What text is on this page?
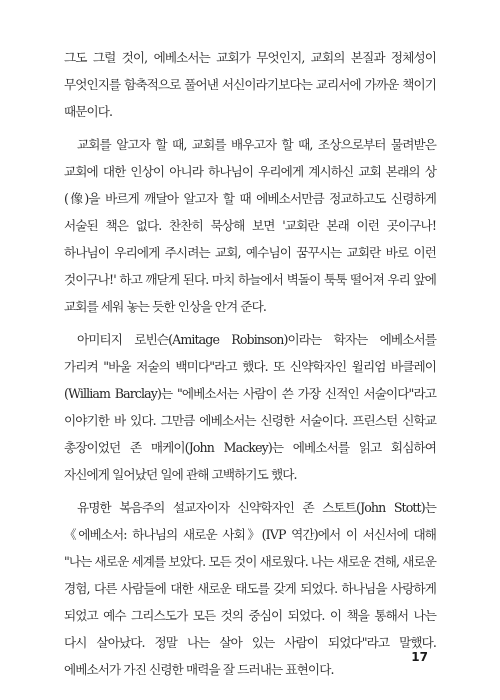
그도 그럴 것이, 에베소서는 교회가 무엇인지, 교회의 본질과 정체성이 무엇인지를 함축적으로 풀어낸 서신이라기보다는 교리서에 가까운 책이기 때문이다.

교회를 알고자 할 때, 교회를 배우고자 할 때, 조상으로부터 물려받은 교회에 대한 인상이 아니라 하나님이 우리에게 계시하신 교회 본래의 상(像)을 바르게 깨달아 알고자 할 때 에베소서만큼 정교하고도 신령하게 서술된 책은 없다. 찬찬히 묵상해 보면 '교회란 본래 이런 곳이구나! 하나님이 우리에게 주시려는 교회, 예수님이 꿈꾸시는 교회란 바로 이런 것이구나!' 하고 깨닫게 된다. 마치 하늘에서 벽돌이 툭툭 떨어져 우리 앞에 교회를 세워 놓는 듯한 인상을 안겨 준다.

아미티지 로빈슨(Amitage Robinson)이라는 학자는 에베소서를 가리켜 "바울 저술의 백미다"라고 했다. 또 신약학자인 윌리엄 바클레이(William Barclay)는 "에베소서는 사람이 쓴 가장 신적인 서술이다"라고 이야기한 바 있다. 그만큼 에베소서는 신령한 서술이다. 프린스턴 신학교 총장이었던 존 매케이(John Mackey)는 에베소서를 읽고 회심하여 자신에게 일어났던 일에 관해 고백하기도 했다.

유명한 복음주의 설교자이자 신약학자인 존 스토트(John Stott)는 《에베소서: 하나님의 새로운 사회》(IVP 역간)에서 이 서신서에 대해 "나는 새로운 세계를 보았다. 모든 것이 새로웠다. 나는 새로운 견해, 새로운 경험, 다른 사람들에 대한 새로운 태도를 갖게 되었다. 하나님을 사랑하게 되었고 예수 그리스도가 모든 것의 중심이 되었다. 이 책을 통해서 나는 다시 살아났다. 정말 나는 살아 있는 사람이 되었다"라고 말했다. 에베소서가 가진 신령한 매력을 잘 드러내는 표현이다.

17
